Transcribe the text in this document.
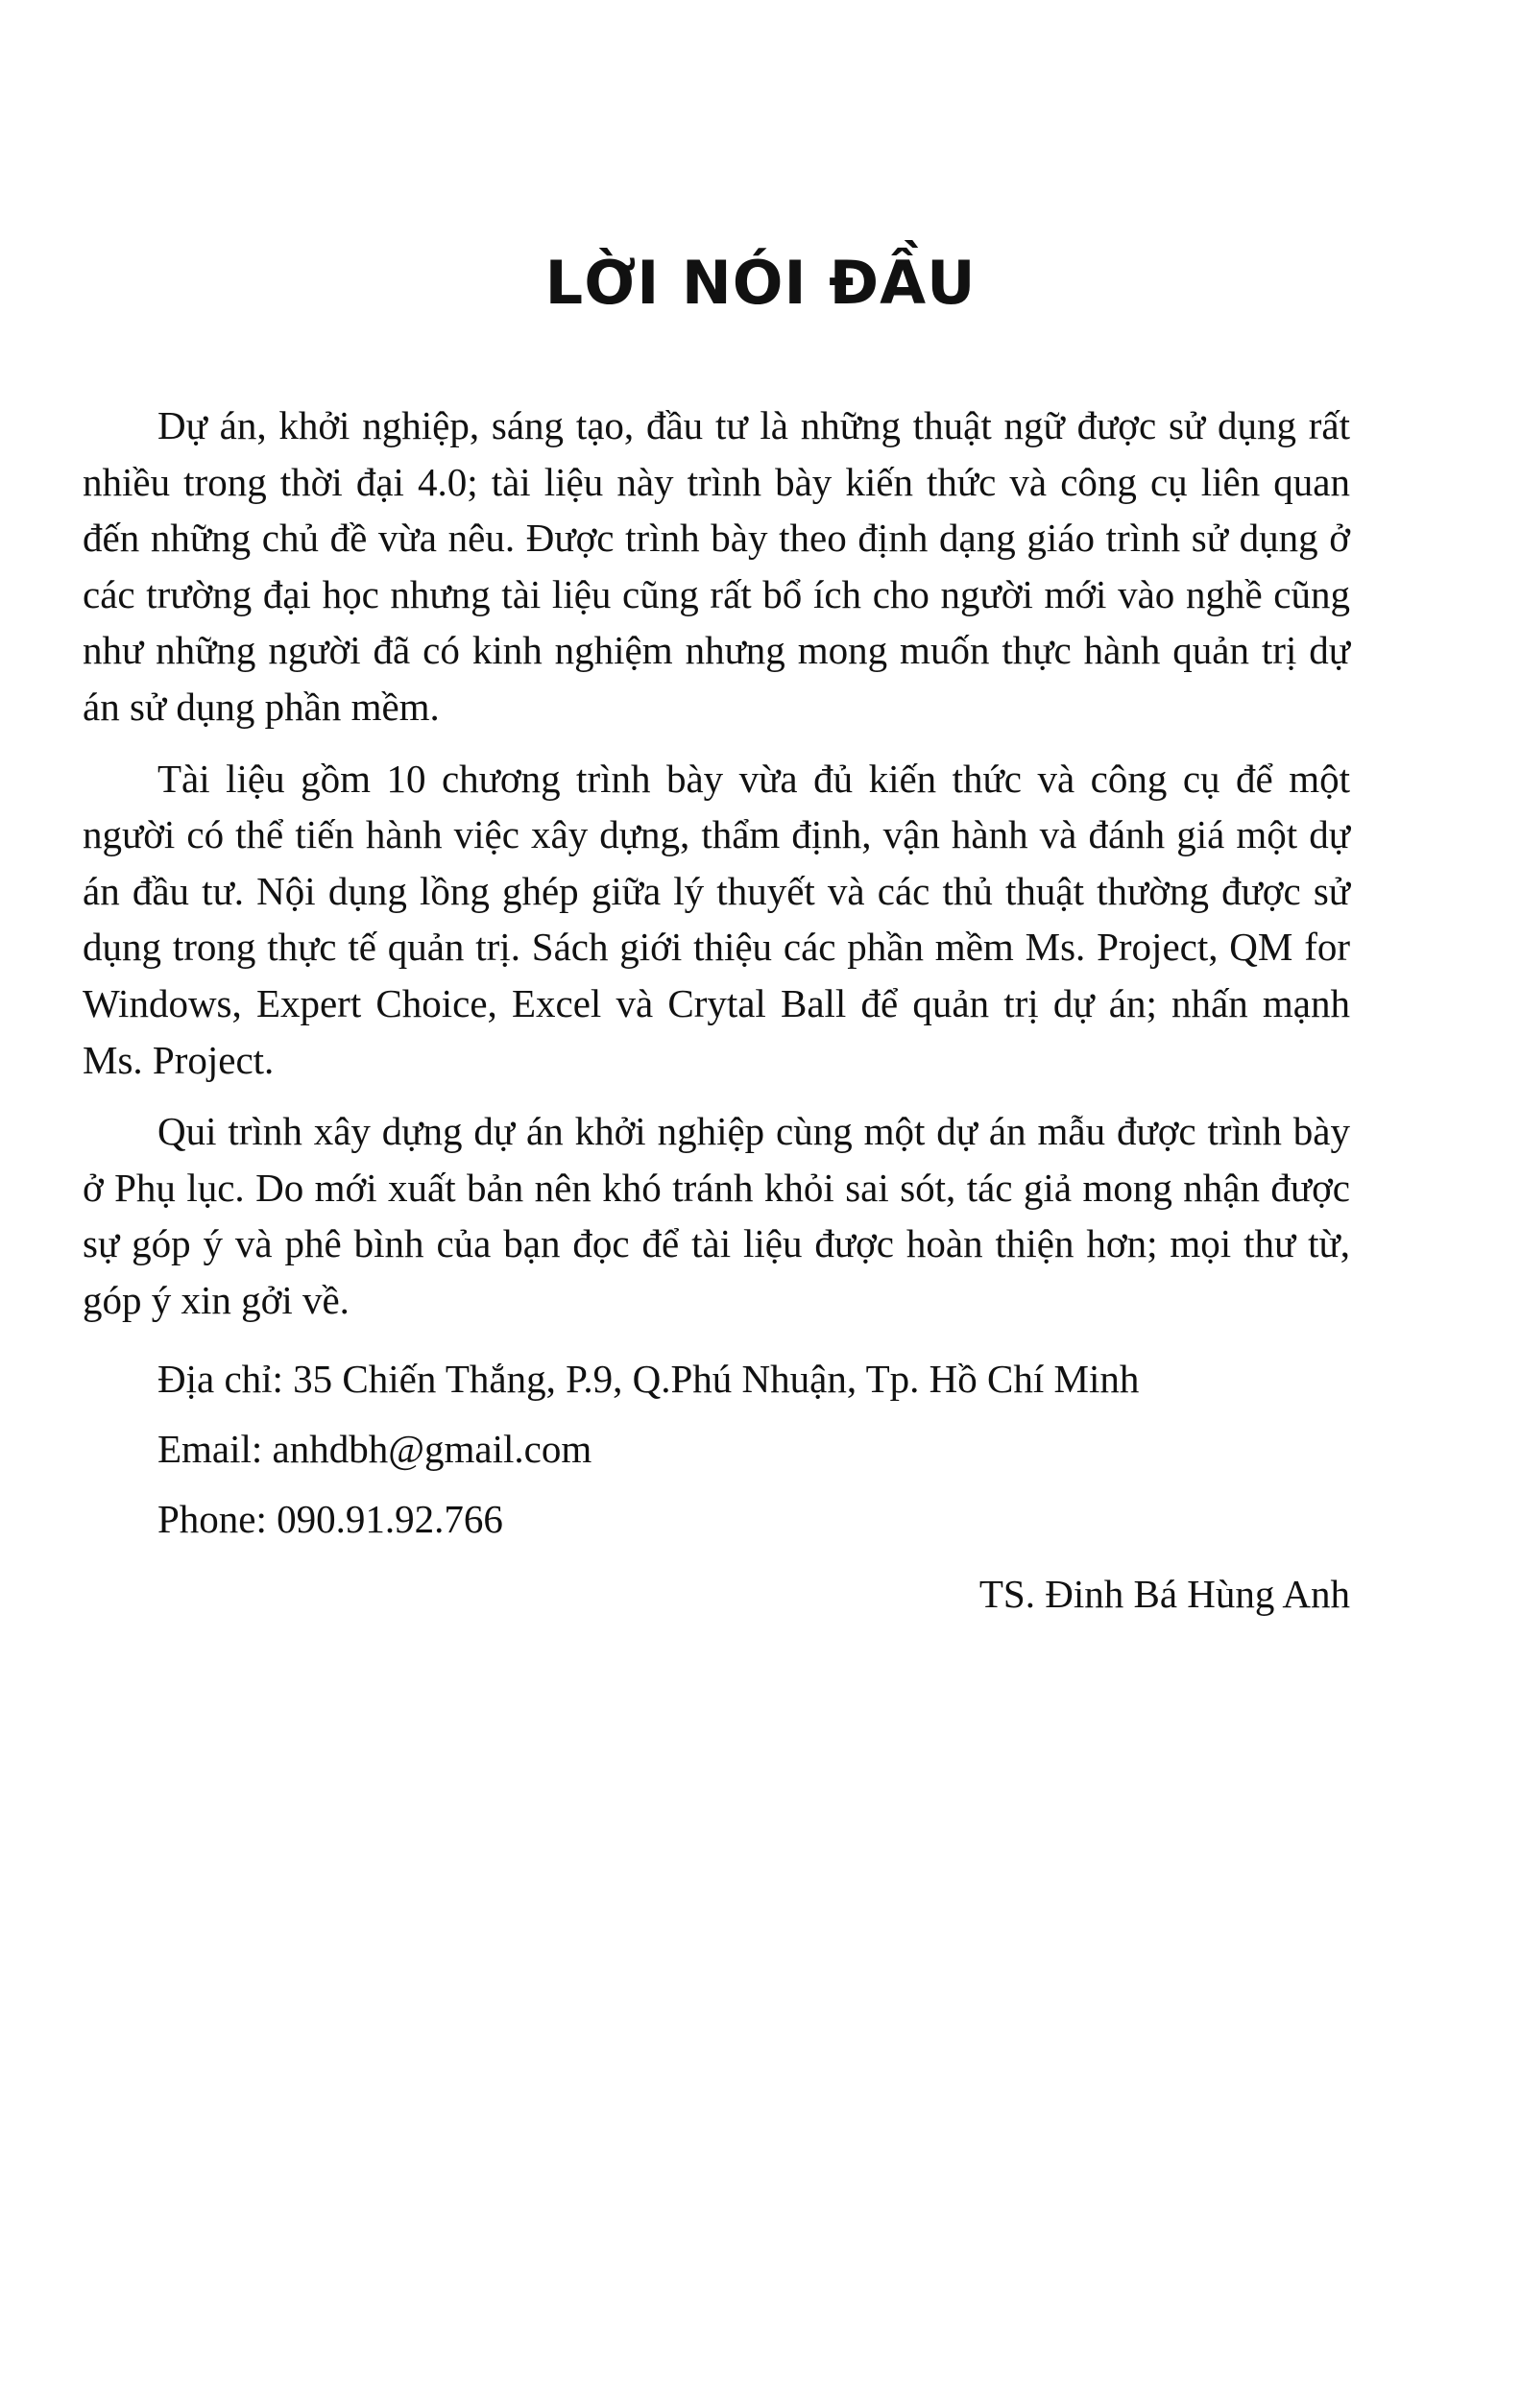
LỜI NÓI ĐẦU

Dự án, khởi nghiệp, sáng tạo, đầu tư là những thuật ngữ được sử dụng rất nhiều trong thời đại 4.0; tài liệu này trình bày kiến thức và công cụ liên quan đến những chủ đề vừa nêu. Được trình bày theo định dạng giáo trình sử dụng ở các trường đại học nhưng tài liệu cũng rất bổ ích cho người mới vào nghề cũng như những người đã có kinh nghiệm nhưng mong muốn thực hành quản trị dự án sử dụng phần mềm.

Tài liệu gồm 10 chương trình bày vừa đủ kiến thức và công cụ để một người có thể tiến hành việc xây dựng, thẩm định, vận hành và đánh giá một dự án đầu tư. Nội dụng lồng ghép giữa lý thuyết và các thủ thuật thường được sử dụng trong thực tế quản trị. Sách giới thiệu các phần mềm Ms. Project, QM for Windows, Expert Choice, Excel và Crytal Ball để quản trị dự án; nhấn mạnh Ms. Project.

Qui trình xây dựng dự án khởi nghiệp cùng một dự án mẫu được trình bày ở Phụ lục. Do mới xuất bản nên khó tránh khỏi sai sót, tác giả mong nhận được sự góp ý và phê bình của bạn đọc để tài liệu được hoàn thiện hơn; mọi thư từ, góp ý xin gởi về.

Địa chỉ: 35 Chiến Thắng, P.9, Q.Phú Nhuận, Tp. Hồ Chí Minh

Email: anhdbh@gmail.com

Phone: 090.91.92.766

TS. Đinh Bá Hùng Anh
